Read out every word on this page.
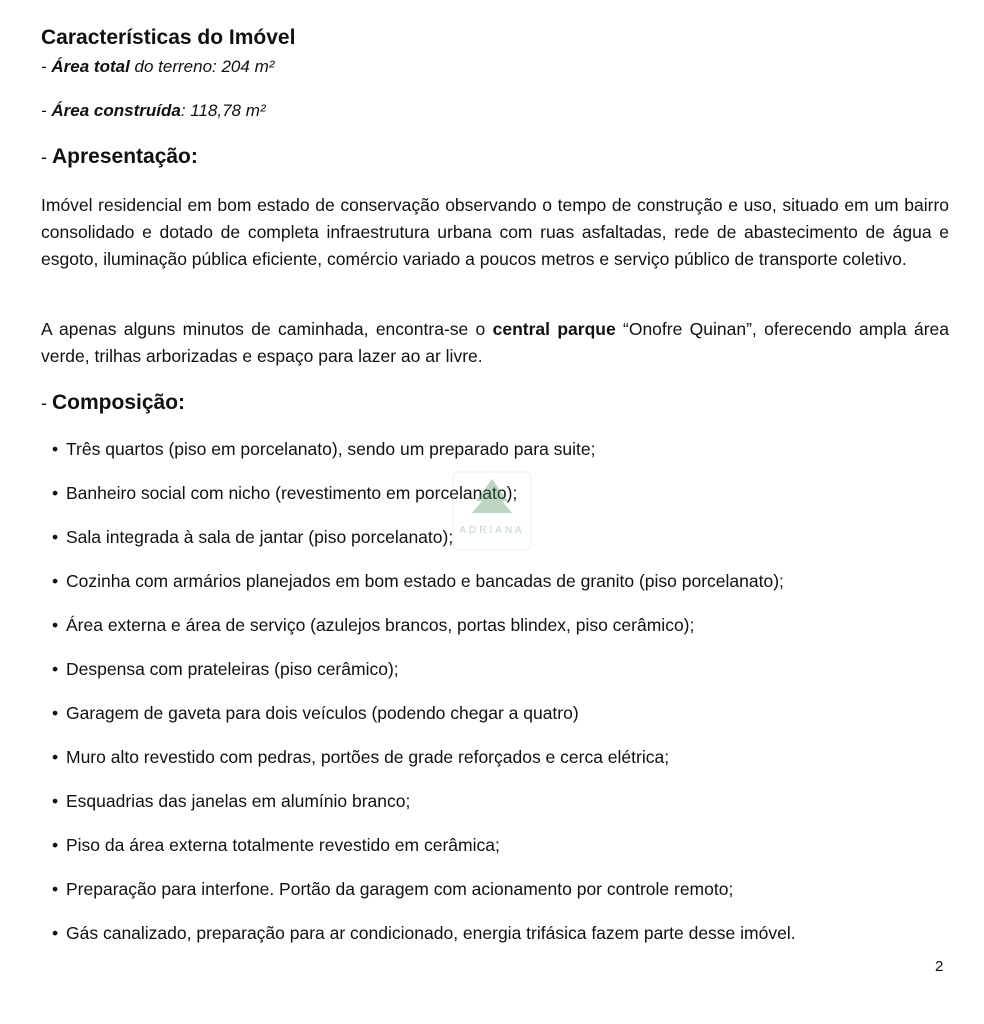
Características do Imóvel

- Área total do terreno: 204 m²

- Área construída: 118,78 m²

- Apresentação:

Imóvel residencial em bom estado de conservação observando o tempo de construção e uso, situado em um bairro consolidado e dotado de completa infraestrutura urbana com ruas asfaltadas, rede de abastecimento de água e esgoto, iluminação pública eficiente, comércio variado a poucos metros e serviço público de transporte coletivo.

A apenas alguns minutos de caminhada, encontra-se o central parque “Onofre Quinan”, oferecendo ampla área verde, trilhas arborizadas e espaço para lazer ao ar livre.

- Composição:
• Três quartos (piso em porcelanato), sendo um preparado para suite;
• Banheiro social com nicho (revestimento em porcelanato);
• Sala integrada à sala de jantar (piso porcelanato);
• Cozinha com armários planejados em bom estado e bancadas de granito (piso porcelanato);
• Área externa e área de serviço (azulejos brancos, portas blindex, piso cerâmico);
• Despensa com prateleiras (piso cerâmico);
• Garagem de gaveta para dois veículos (podendo chegar a quatro)
• Muro alto revestido com pedras, portões de grade reforçados e cerca elétrica;
• Esquadrias das janelas em alumínio branco;
• Piso da área externa totalmente revestido em cerâmica;
• Preparação para interfone. Portão da garagem com acionamento por controle remoto;
• Gás canalizado, preparação para ar condicionado, energia trifásica fazem parte desse imóvel.
ADRIANA
2
